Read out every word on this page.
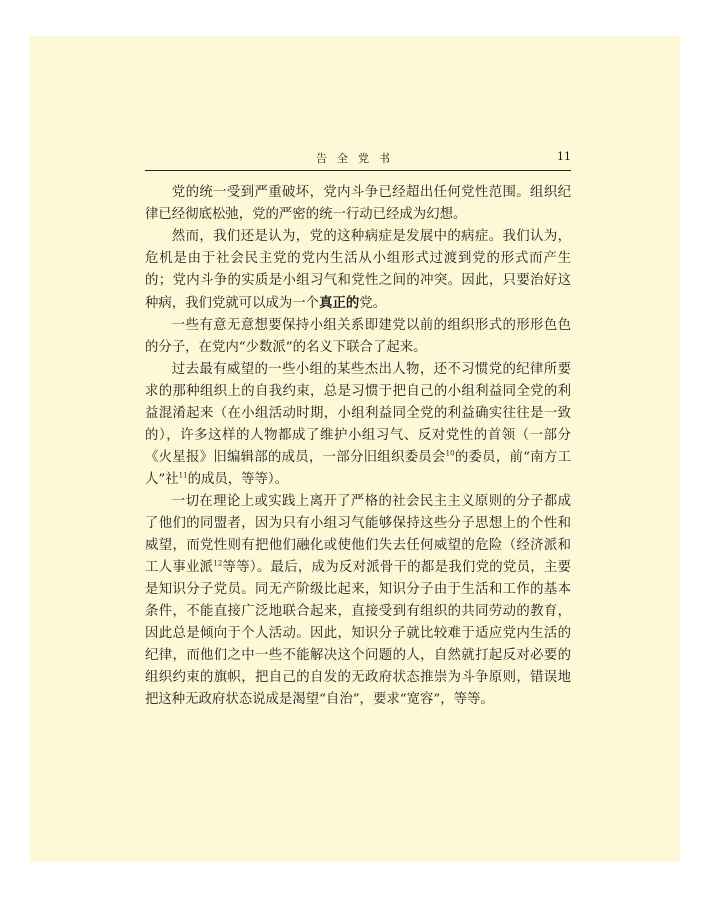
告全党书	11

党的统一受到严重破坏，党内斗争已经超出任何党性范围。组织纪律已经彻底松弛，党的严密的统一行动已经成为幻想。

然而，我们还是认为，党的这种病症是发展中的病症。我们认为，危机是由于社会民主党的党内生活从小组形式过渡到党的形式而产生的；党内斗争的实质是小组习气和党性之间的冲突。因此，只要治好这种病，我们党就可以成为一个真正的党。

一些有意无意想要保持小组关系即建党以前的组织形式的形形色色的分子，在党内“少数派”的名义下联合了起来。

过去最有威望的一些小组的某些杰出人物，还不习惯党的纪律所要求的那种组织上的自我约束，总是习惯于把自己的小组利益同全党的利益混淆起来（在小组活动时期，小组利益同全党的利益确实往往是一致的），许多这样的人物都成了维护小组习气、反对党性的首领（一部分《火星报》旧编辑部的成员，一部分旧组织委员会$^{10}$的委员，前“南方工人”社$^{11}$的成员，等等）。

一切在理论上或实践上离开了严格的社会民主主义原则的分子都成了他们的同盟者，因为只有小组习气能够保持这些分子思想上的个性和威望，而党性则有把他们融化或使他们失去任何威望的危险（经济派和工人事业派$^{12}$等等）。最后，成为反对派骨干的都是我们党的党员，主要是知识分子党员。同无产阶级比起来，知识分子由于生活和工作的基本条件，不能直接广泛地联合起来，直接受到有组织的共同劳动的教育，因此总是倾向于个人活动。因此，知识分子就比较难于适应党内生活的纪律，而他们之中一些不能解决这个问题的人，自然就打起反对必要的组织约束的旗帜，把自己的自发的无政府状态推崇为斗争原则，错误地把这种无政府状态说成是渴望“自治”，要求“宽容”，等等。
